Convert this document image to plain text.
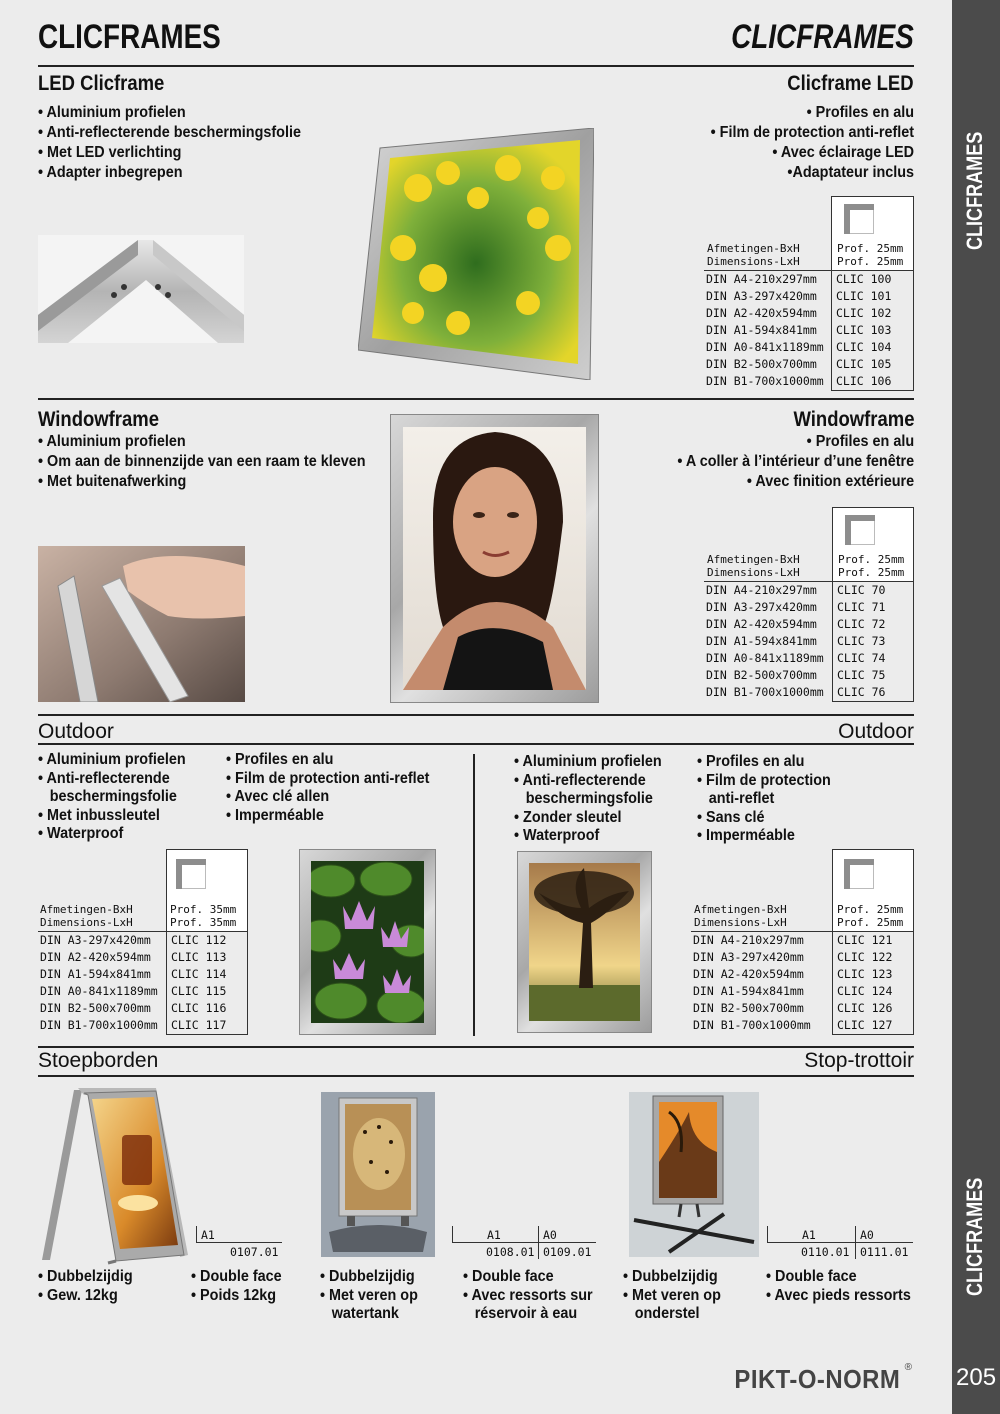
CLICFRAMES	CLICFRAMES
CLICFRAMES
CLICFRAMES
205
LED Clicframe	Clicframe LED
• Aluminium profielen
• Anti-reflecterende beschermingsfolie
• Met LED verlichting
• Adapter inbegrepen
• Profiles en alu
• Film de protection anti-reflet
• Avec éclairage LED
•Adaptateur inclus
Afmetingen-BxH
Dimensions-LxH
Prof. 25mm
Prof. 25mm
DIN A4-210x297mm	CLIC 100
DIN A3-297x420mm	CLIC 101
DIN A2-420x594mm	CLIC 102
DIN A1-594x841mm	CLIC 103
DIN A0-841x1189mm	CLIC 104
DIN B2-500x700mm	CLIC 105
DIN B1-700x1000mm	CLIC 106
Windowframe	Windowframe
• Aluminium profielen
• Om aan de binnenzijde van een raam te kleven
• Met buitenafwerking
• Profiles en alu
• A coller à l’intérieur d’une fenêtre
• Avec finition extérieure
Afmetingen-BxH
Dimensions-LxH
Prof. 25mm
Prof. 25mm
DIN A4-210x297mm	CLIC 70
DIN A3-297x420mm	CLIC 71
DIN A2-420x594mm	CLIC 72
DIN A1-594x841mm	CLIC 73
DIN A0-841x1189mm	CLIC 74
DIN B2-500x700mm	CLIC 75
DIN B1-700x1000mm	CLIC 76
Outdoor	Outdoor
• Aluminium profielen
• Anti-reflecterende
beschermingsfolie
• Met inbussleutel
• Waterproof
• Profiles en alu
• Film de protection anti-reflet
• Avec clé allen
• Imperméable
• Aluminium profielen
• Anti-reflecterende
beschermingsfolie
• Zonder sleutel
• Waterproof
• Profiles en alu
• Film de protection
anti-reflet
• Sans clé
• Imperméable
Afmetingen-BxH
Dimensions-LxH
Prof. 35mm
Prof. 35mm
DIN A3-297x420mm	CLIC 112
DIN A2-420x594mm	CLIC 113
DIN A1-594x841mm	CLIC 114
DIN A0-841x1189mm	CLIC 115
DIN B2-500x700mm	CLIC 116
DIN B1-700x1000mm	CLIC 117
Afmetingen-BxH
Dimensions-LxH
Prof. 25mm
Prof. 25mm
DIN A4-210x297mm	CLIC 121
DIN A3-297x420mm	CLIC 122
DIN A2-420x594mm	CLIC 123
DIN A1-594x841mm	CLIC 124
DIN B2-500x700mm	CLIC 126
DIN B1-700x1000mm	CLIC 127
Stoepborden	Stop-trottoir
A1
0107.01
A1	A0
0108.01 0109.01
A1	A0
0110.01 0111.01
• Dubbelzijdig
• Gew. 12kg
• Double face
• Poids 12kg
• Dubbelzijdig
• Met veren op
watertank
• Double face
• Avec ressorts sur
réservoir à eau
• Dubbelzijdig
• Met veren op
onderstel
• Double face
• Avec pieds ressorts
PIKT-O-NORM ®
